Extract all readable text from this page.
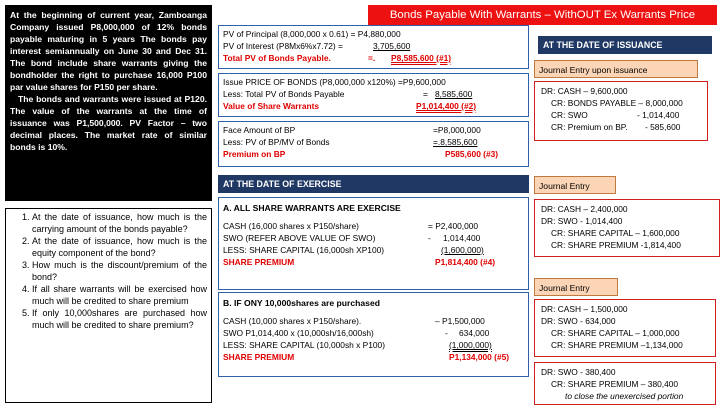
Bonds Payable With Warrants – WithOUT Ex Warrants Price

At the beginning of current year, Zamboanga Company issued P8,000,000 of 12% bonds payable maturing in 5 years The bonds pay interest semiannually on June 30 and Dec 31. The bond include share warrants giving the bondholder the right to purchase 16,000 P100 par value shares for P150 per share.

The bonds and warrants were issued at P120. The value of the warrants at the time of issuance was P1,500,000. PV Factor – two decimal places. The market rate of similar bonds is 10%.

1. At the date of issuance, how much is the carrying amount of the bonds payable?
2. At the date of issuance, how much is the equity component of the bond?
3. How much is the discount/premium of the bond?
4. If all share warrants will be exercised how much will be credited to share premium
5. If only 10,000shares are purchased how much will be credited to share premium?
PV of Principal (8,000,000 x 0.61) = P4,880,000
PV of Interest (P8Mx6%x7.72) =	3,705,600
Total PV of Bonds Payable.	=. P8,585,600 (#1)
Issue PRICE OF BONDS (P8,000,000 x120%) =P9,600,000
Less: Total PV of Bonds Payable	= 8,585,600
Value of Share Warrants	P1,014,400 (#2)
Face Amount of BP	=P8,000,000
Less: PV of BP/MV of Bonds	=.8,585,600
Premium on BP	P585,600 (#3)
AT THE DATE OF ISSUANCE
AT THE DATE OF EXERCISE
Journal Entry upon issuance
DR: CASH – 9,600,000
CR: BONDS PAYABLE – 8,000,000
CR: SWO	- 1,014,400
CR: Premium on BP. - 585,600
A. ALL SHARE WARRANTS ARE EXERCISE
CASH (16,000 shares x P150/share)	= P2,400,000
SWO (REFER ABOVE VALUE OF SWO)	- 1,014,400
LESS: SHARE CAPITAL (16,000sh XP100)	(1,600,000)
SHARE PREMIUM	P1,814,400 (#4)
Journal Entry
DR: CASH – 2,400,000
DR: SWO - 1,014,400
CR: SHARE CAPITAL – 1,600,000
CR: SHARE PREMIUM -1,814,400
B. IF ONY 10,000shares are purchased
CASH (10,000 shares x P150/share).	– P1,500,000
SWO P1,014,400 x (10,000sh/16,000sh)	- 634,000
LESS: SHARE CAPITAL (10,000sh x P100)	(1,000,000)
SHARE PREMIUM	P1,134,000 (#5)
Journal Entry
DR: CASH – 1,500,000
DR: SWO - 634,000
CR: SHARE CAPITAL – 1,000,000
CR: SHARE PREMIUM –1,134,000
DR: SWO - 380,400
CR: SHARE PREMIUM – 380,400
to close the unexercised portion
